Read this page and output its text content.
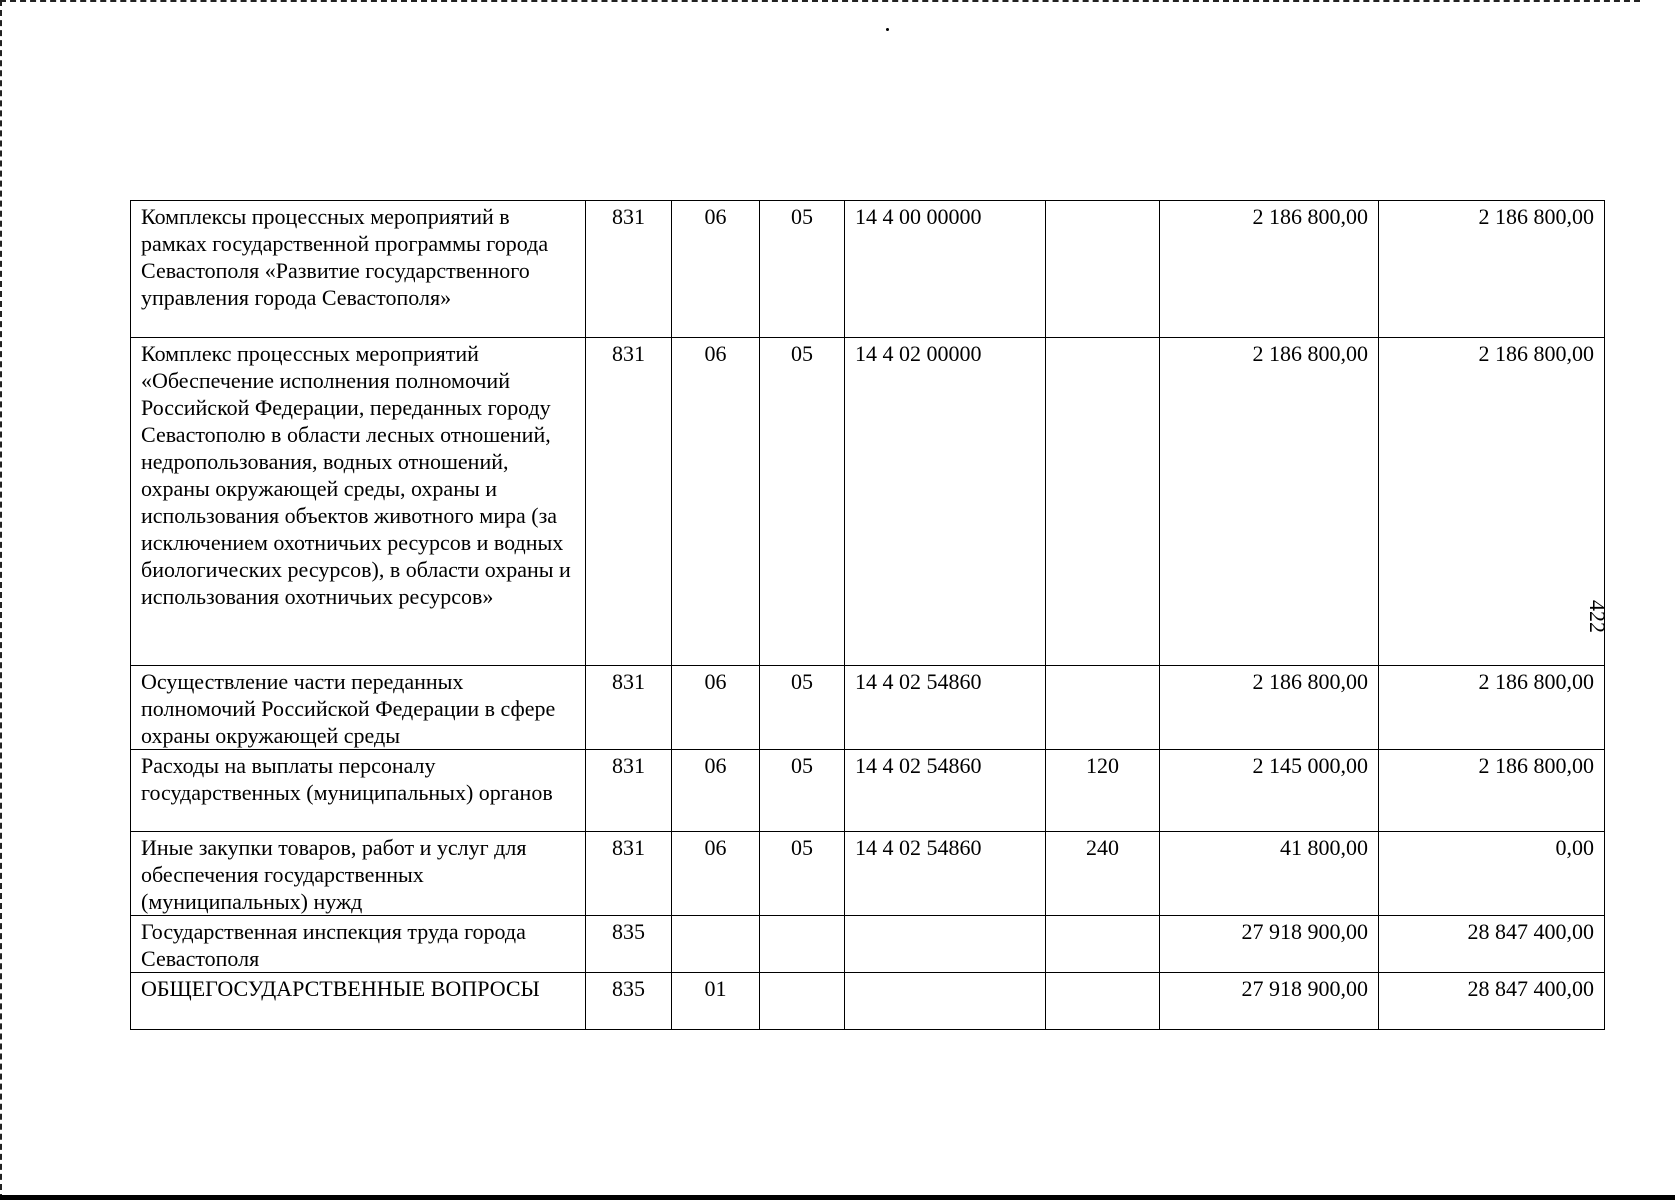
422
Комплексы процессных мероприятий в рамках государственной программы города Севастополя «Развитие государственного управления города Севастополя»	831	06	05	14 4 00 00000		2 186 800,00	2 186 800,00
Комплекс процессных мероприятий «Обеспечение исполнения полномочий Российской Федерации, переданных городу Севастополю в области лесных отношений, недропользования, водных отношений, охраны окружающей среды, охраны и использования объектов животного мира (за исключением охотничьих ресурсов и водных биологических ресурсов), в области охраны и использования охотничьих ресурсов»	831	06	05	14 4 02 00000		2 186 800,00	2 186 800,00
Осуществление части переданных полномочий Российской Федерации в сфере охраны окружающей среды	831	06	05	14 4 02 54860		2 186 800,00	2 186 800,00
Расходы на выплаты персоналу государственных (муниципальных) органов	831	06	05	14 4 02 54860	120	2 145 000,00	2 186 800,00
Иные закупки товаров, работ и услуг для обеспечения государственных (муниципальных) нужд	831	06	05	14 4 02 54860	240	41 800,00	0,00
Государственная инспекция труда города Севастополя	835					27 918 900,00	28 847 400,00
ОБЩЕГОСУДАРСТВЕННЫЕ ВОПРОСЫ	835	01				27 918 900,00	28 847 400,00
